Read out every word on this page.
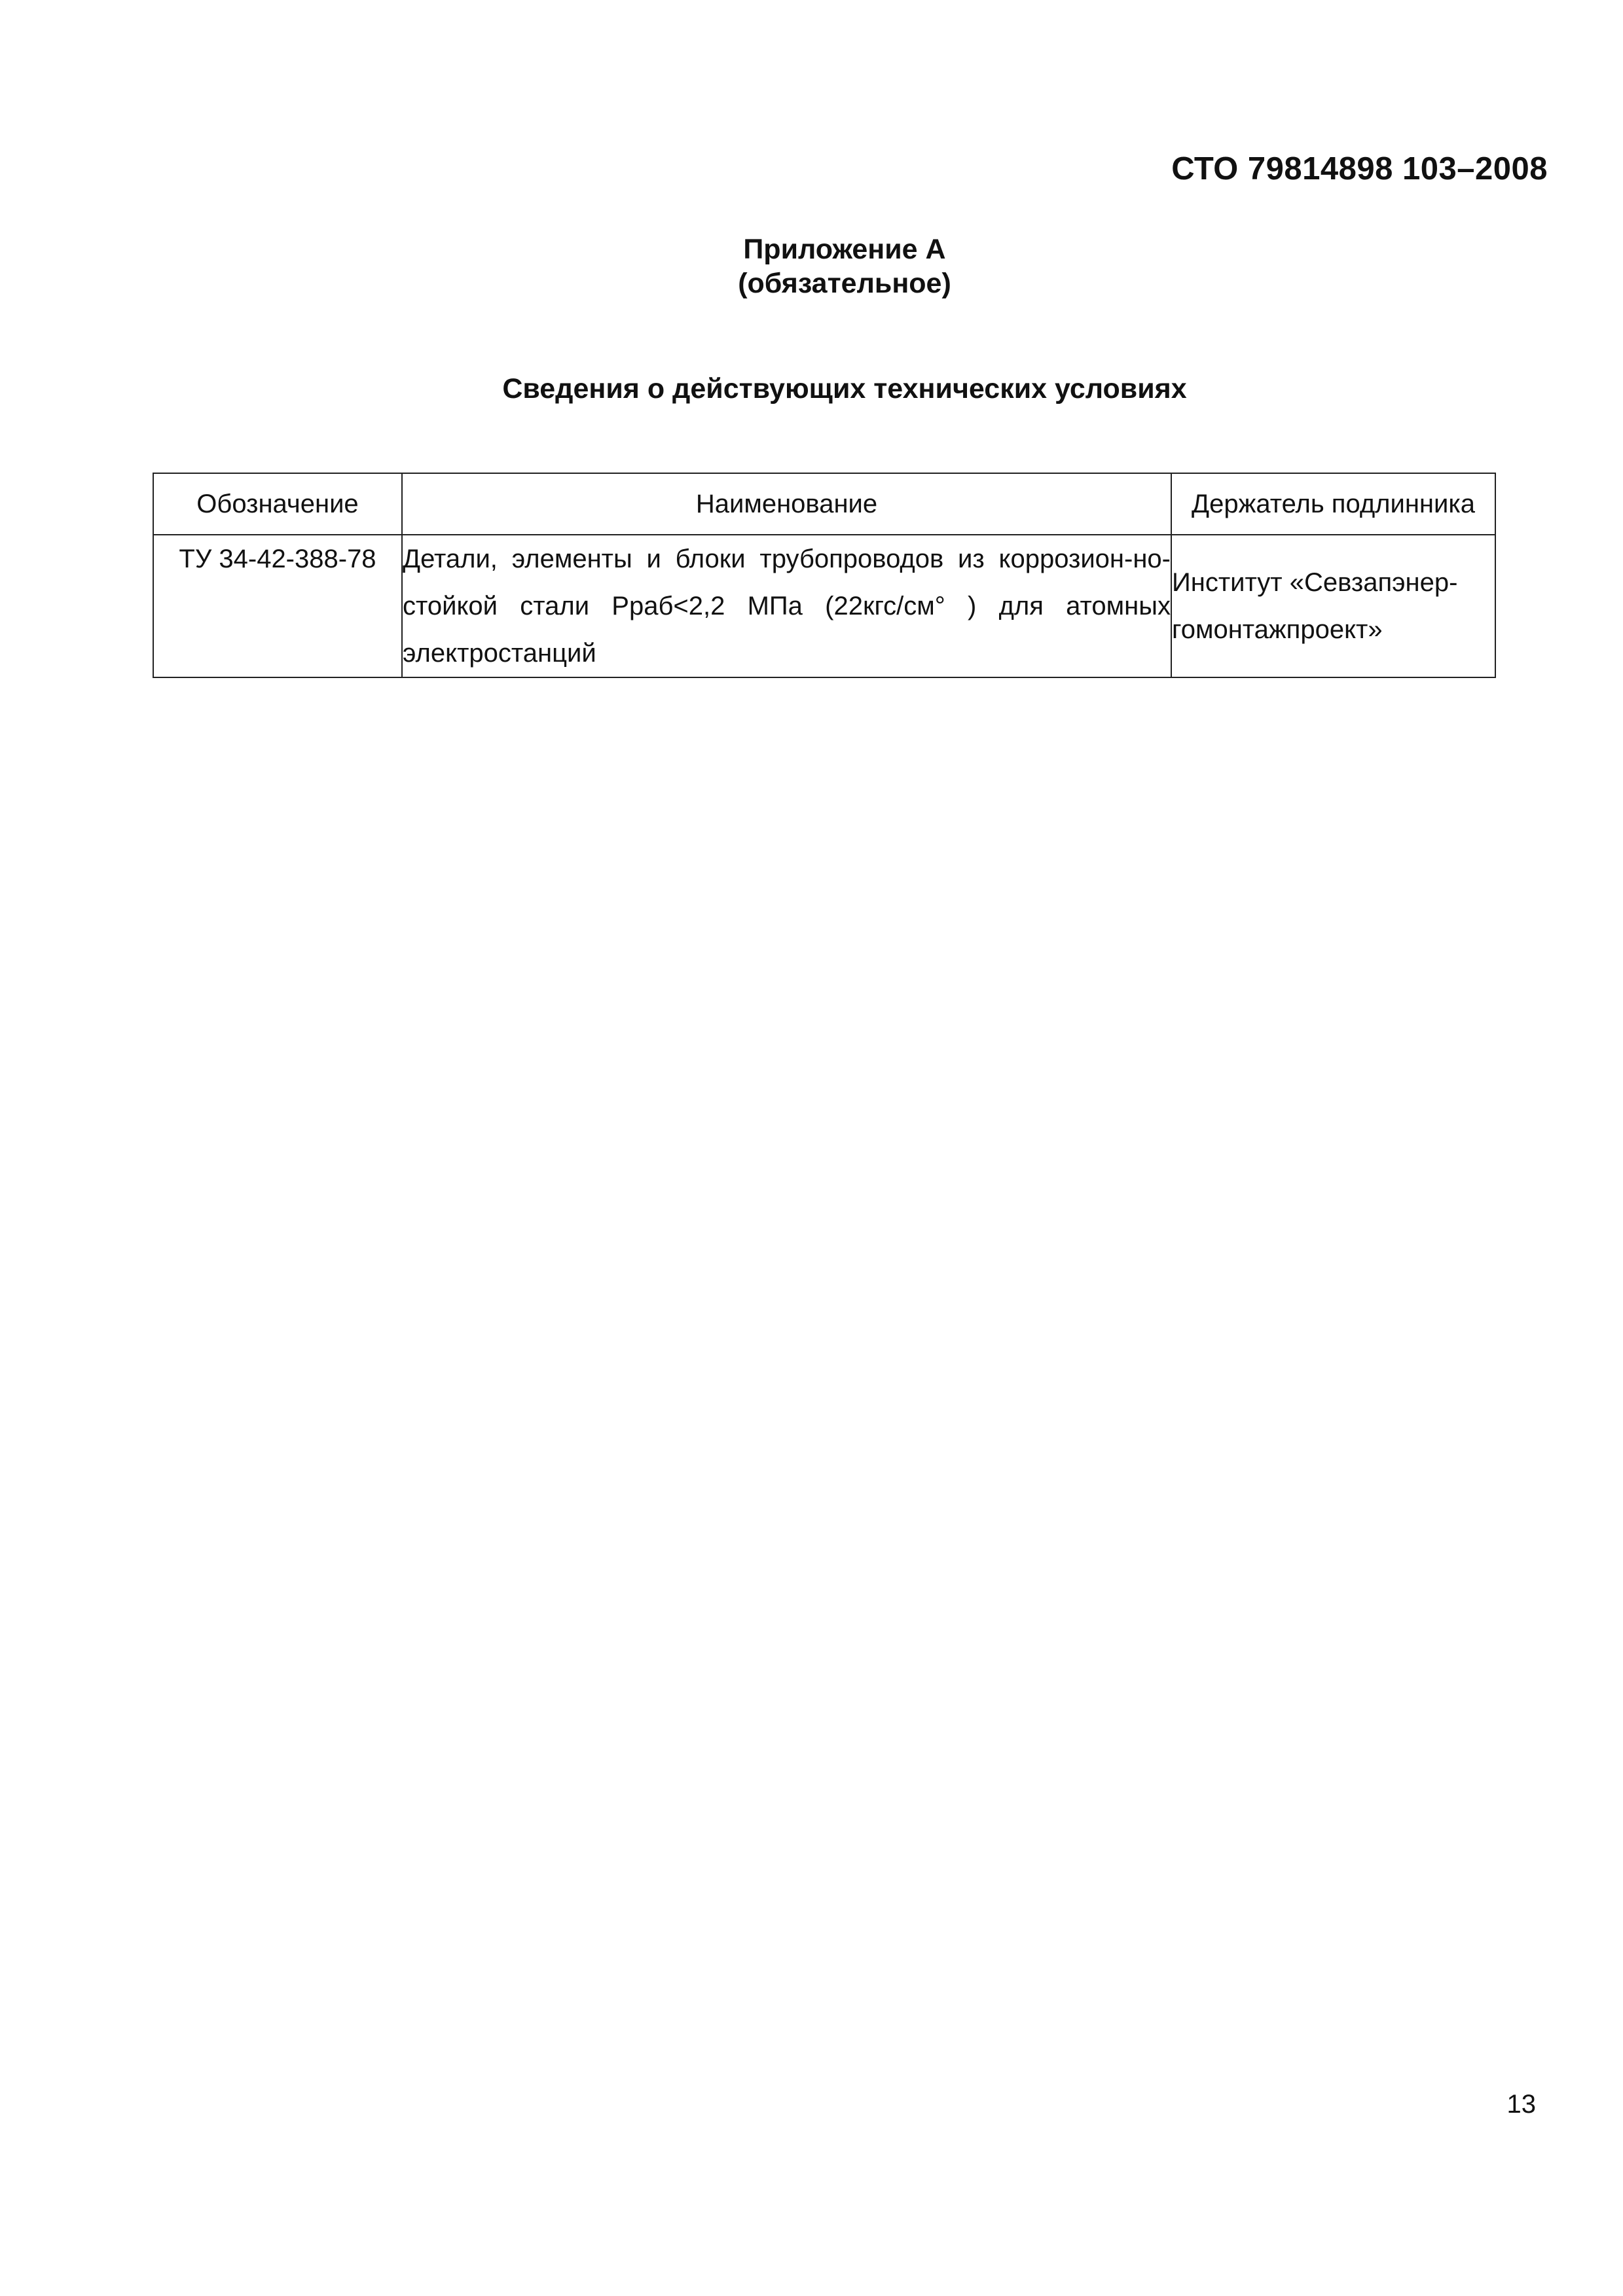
СТО 79814898 103–2008
Приложение А
(обязательное)
Сведения о действующих технических условиях
Обозначение	Наименование	Держатель подлинника
ТУ 34-42-388-78	Детали, элементы и блоки трубопроводов из коррозион-но-стойкой стали Рраб<2,2 МПа (22кгс/см° ) для атомных электростанций	Институт «Севзапэнер-гомонтажпроект»
13
